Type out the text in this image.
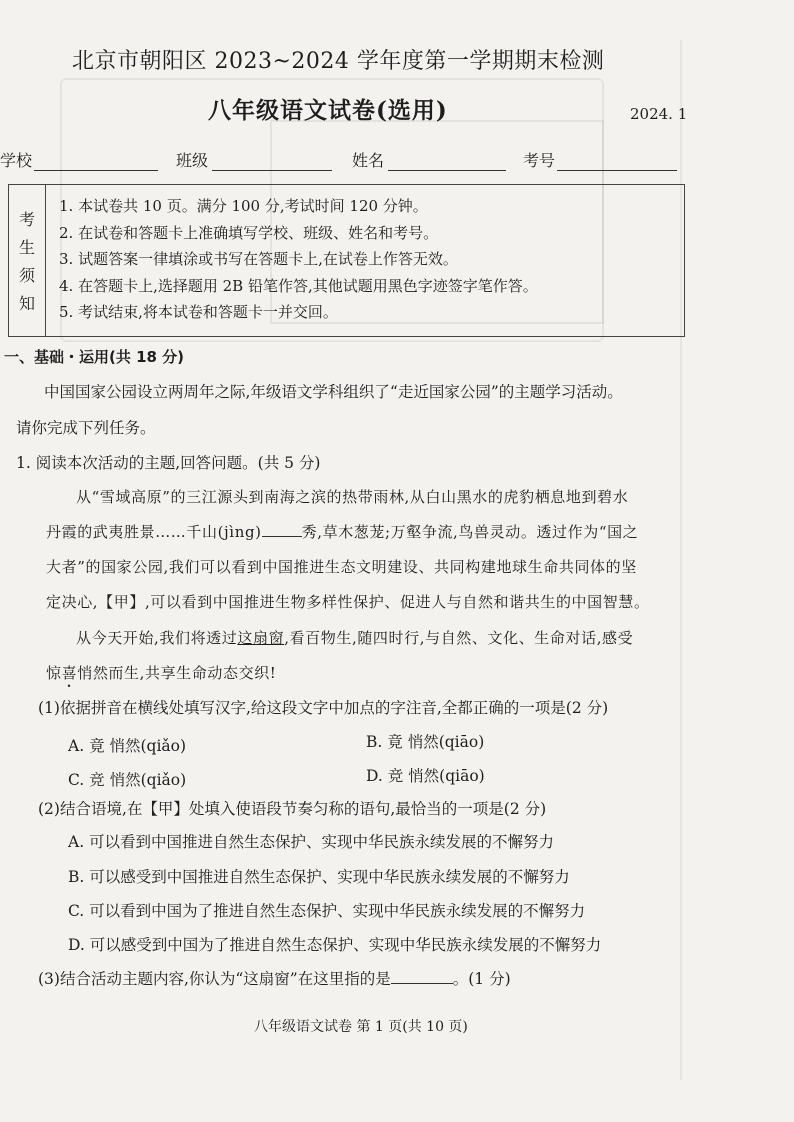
北京市朝阳区 2023~2024 学年度第一学期期末检测
八年级语文试卷(选用)	2024. 1
学校	班级	姓名	考号
考
生
须
知
1. 本试卷共 10 页。满分 100 分,考试时间 120 分钟。
2. 在试卷和答题卡上准确填写学校、班级、姓名和考号。
3. 试题答案一律填涂或书写在答题卡上,在试卷上作答无效。
4. 在答题卡上,选择题用 2B 铅笔作答,其他试题用黑色字迹签字笔作答。
5. 考试结束,将本试卷和答题卡一并交回。
一、基础・运用(共 18 分)
中国国家公园设立两周年之际,年级语文学科组织了“走近国家公园”的主题学习活动。
请你完成下列任务。
1. 阅读本次活动的主题,回答问题。(共 5 分)
从“雪域高原”的三江源头到南海之滨的热带雨林,从白山黑水的虎豹栖息地到碧水
丹霞的武夷胜景……千山(jìng)	秀,草木葱茏;万壑争流,鸟兽灵动。透过作为“国之
大者”的国家公园,我们可以看到中国推进生态文明建设、共同构建地球生命共同体的坚
定决心,【甲】,可以看到中国推进生物多样性保护、促进人与自然和谐共生的中国智慧。
从今天开始,我们将透过这扇窗,看百物生,随四时行,与自然、文化、生命对话,感受
惊喜悄然而生,共享生命动态交织!
(1)依据拼音在横线处填写汉字,给这段文字中加点的字注音,全都正确的一项是(2 分)
A. 竟 悄然(qiǎo)	B. 竟 悄然(qiāo)
C. 竞 悄然(qiǎo)	D. 竞 悄然(qiāo)
(2)结合语境,在【甲】处填入使语段节奏匀称的语句,最恰当的一项是(2 分)
A. 可以看到中国推进自然生态保护、实现中华民族永续发展的不懈努力
B. 可以感受到中国推进自然生态保护、实现中华民族永续发展的不懈努力
C. 可以看到中国为了推进自然生态保护、实现中华民族永续发展的不懈努力
D. 可以感受到中国为了推进自然生态保护、实现中华民族永续发展的不懈努力
(3)结合活动主题内容,你认为“这扇窗”在这里指的是	。(1 分)
八年级语文试卷 第 1 页(共 10 页)
